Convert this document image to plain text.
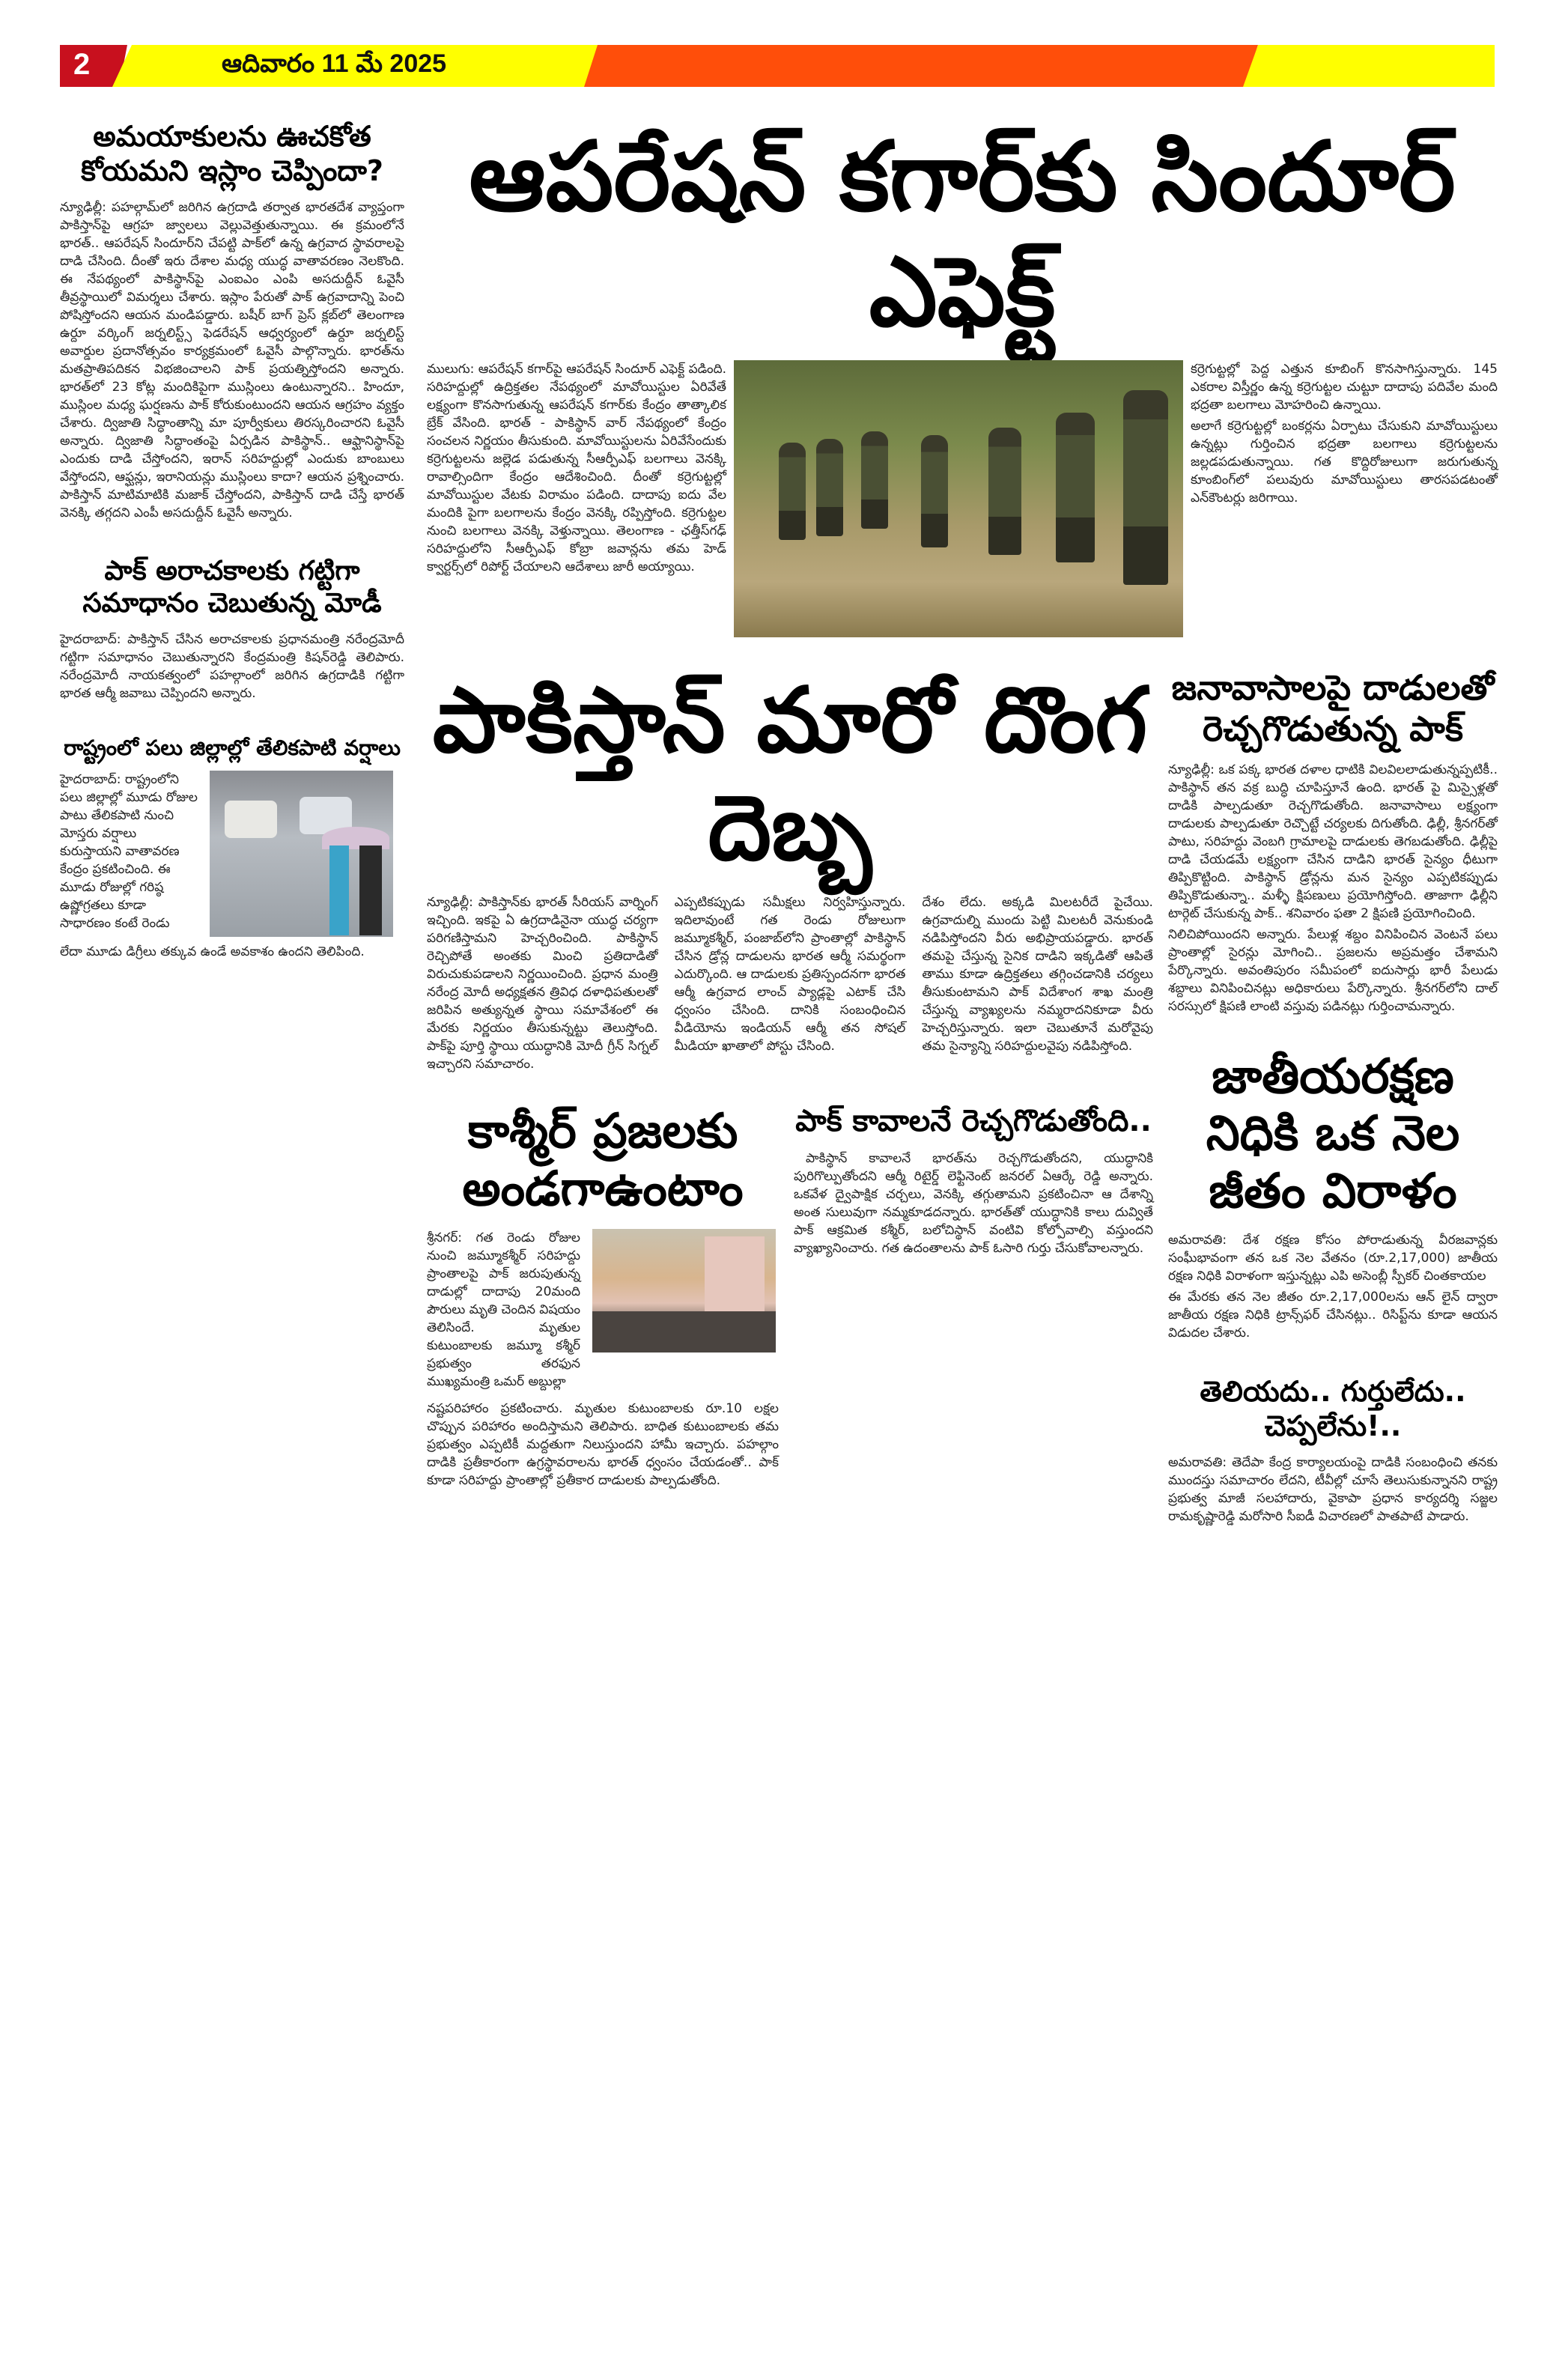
2	ఆదివారం 11 మే 2025
అమయాకులను ఊచకోత కోయమని ఇస్లాం చెప్పిందా?

న్యూఢిల్లీ: పహల్గామ్‌లో జరిగిన ఉగ్రదాడి తర్వాత భారతదేశ వ్యాప్తంగా పాకిస్తాన్‌పై ఆగ్రహ జ్వాలలు వెల్లువెత్తుతున్నాయి. ఈ క్రమంలోనే భారత్.. ఆపరేషన్ సిందూర్‌ని చేపట్టి పాక్‌లో ఉన్న ఉగ్రవాద స్థావరాలపై దాడి చేసింది. దీంతో ఇరు దేశాల మధ్య యుద్ధ వాతావరణం నెలకొంది. ఈ నేపథ్యంలో పాకిస్థాన్‌పై ఎంఐఎం ఎంపి అసదుద్దీన్ ఓవైసీ తీవ్రస్థాయిలో విమర్శలు చేశారు. ఇస్లాం పేరుతో పాక్ ఉగ్రవాదాన్ని పెంచి పోషిస్తోందని ఆయన మండిపడ్డారు. బషీర్ బాగ్ ప్రెస్ క్లబ్‌లో తెలంగాణ ఉర్దూ వర్కింగ్ జర్నలిస్ట్స్ ఫెడరేషన్ ఆధ్వర్యంలో ఉర్దూ జర్నలిస్ట్ అవార్డుల ప్రదానోత్సవం కార్యక్రమంలో ఓవైసీ పాల్గొన్నారు. భారత్‌ను మతప్రాతిపదికన విభజించాలని పాక్ ప్రయత్నిస్తోందని అన్నారు. భారత్‌లో 23 కోట్ల మందికిపైగా ముస్లింలు ఉంటున్నారని.. హిందూ, ముస్లింల మధ్య ఘర్షణను పాక్ కోరుకుంటుందని ఆయన ఆగ్రహం వ్యక్తం చేశారు. ద్విజాతి సిద్ధాంతాన్ని మా పూర్వీకులు తిరస్కరించారని ఓవైసీ అన్నారు. ద్విజాతి సిద్ధాంతంపై ఏర్పడిన పాకిస్థాన్.. ఆఫ్ఘానిస్థాన్‌పై ఎందుకు దాడి చేస్తోందని, ఇరాన్ సరిహద్దుల్లో ఎందుకు బాంబులు వేస్తోందని, ఆఫ్ఘన్లు, ఇరానియన్లు ముస్లింలు కాదా? ఆయన ప్రశ్నించారు. పాకిస్తాన్ మాటిమాటికి మజాక్ చేస్తోందని, పాకిస్తాన్ దాడి చేస్తే భారత్ వెనక్కి తగ్గదని ఎంపీ అసదుద్దీన్ ఓవైసీ అన్నారు.

పాక్ అరాచకాలకు గట్టిగా సమాధానం చెబుతున్న మోడీ

హైదరాబాద్: పాకిస్తాన్ చేసిన అరాచకాలకు ప్రధానమంత్రి నరేంద్రమోదీ గట్టిగా సమాధానం చెబుతున్నారని కేంద్రమంత్రి కిషన్‌రెడ్డి తెలిపారు. నరేంద్రమోదీ నాయకత్వంలో పహల్గాంలో జరిగిన ఉగ్రదాడికి గట్టిగా భారత ఆర్మీ జవాబు చెప్పిందని అన్నారు.

రాష్ట్రంలో పలు జిల్లాల్లో తేలికపాటి వర్షాలు

హైదరాబాద్: రాష్ట్రంలోని పలు జిల్లాల్లో మూడు రోజుల పాటు తేలికపాటి నుంచి మోస్తరు వర్షాలు కురుస్తాయని వాతావరణ కేంద్రం ప్రకటించింది. ఈ మూడు రోజుల్లో గరిష్ఠ ఉష్ణోగ్రతలు కూడా సాధారణం కంటే రెండు

లేదా మూడు డిగ్రీలు తక్కువ ఉండే అవకాశం ఉందని తెలిపింది.

ఆపరేషన్ కగార్‌కు సిందూర్ ఎఫెక్ట్

ములుగు: ఆపరేషన్ కగార్‌పై ఆపరేషన్ సిందూర్ ఎఫెక్ట్ పడింది. సరిహద్దుల్లో ఉద్రిక్తతల నేపథ్యంలో మావోయిస్టుల ఏరివేతే లక్ష్యంగా కొనసాగుతున్న ఆపరేషన్ కగార్‌కు కేంద్రం తాత్కాలిక బ్రేక్ వేసింది. భారత్ - పాకిస్థాన్ వార్ నేపథ్యంలో కేంద్రం సంచలన నిర్ణయం తీసుకుంది. మావోయిస్టులను ఏరివేసేందుకు కర్రెగుట్టలను జల్లెడ పడుతున్న సీఆర్పీఎఫ్ బలగాలు వెనక్కి రావాల్సిందిగా కేంద్రం ఆదేశించింది. దీంతో కర్రెగుట్టల్లో మావోయిస్టుల వేటకు విరామం పడింది. దాదాపు ఐదు వేల మందికి పైగా బలగాలను కేంద్రం వెనక్కి రప్పిస్తోంది. కర్రెగుట్టల నుంచి బలగాలు వెనక్కి వెళ్తున్నాయి. తెలంగాణ - ఛత్తీస్‌గఢ్ సరిహద్దులోని సీఆర్పీఎఫ్ కోబ్రా జవాన్లను తమ హెడ్ క్వార్టర్స్‌లో రిపోర్ట్ చేయాలని ఆదేశాలు జారీ అయ్యాయి.

కర్రెగుట్టల్లో పెద్ద ఎత్తున కూబింగ్ కొనసాగిస్తున్నారు. 145 ఎకరాల విస్తీర్ణం ఉన్న కర్రెగుట్టల చుట్టూ దాదాపు పదివేల మంది భద్రతా బలగాలు మోహరించి ఉన్నాయి.

అలాగే కర్రెగుట్టల్లో బంకర్లను ఏర్పాటు చేసుకుని మావోయిస్టులు ఉన్నట్లు గుర్తించిన భద్రతా బలగాలు కర్రెగుట్టలను జల్లడపడుతున్నాయి. గత కొద్దిరోజులుగా జరుగుతున్న కూంబింగ్‌లో పలువురు మావోయిస్టులు తారసపడటంతో ఎన్‌కౌంటర్లు జరిగాయి.

పాకిస్తాన్ మారో దొంగ దెబ్బ

న్యూఢిల్లీ: పాకిస్తాన్‌కు భారత్ సీరియస్ వార్నింగ్ ఇచ్చింది. ఇకపై ఏ ఉగ్రదాడినైనా యుద్ధ చర్యగా పరిగణిస్తామని హెచ్చరించింది. పాకిస్థాన్ రెచ్చిపోతే అంతకు మించి ప్రతిదాడితో విరుచుకుపడాలని నిర్ణయించింది. ప్రధాన మంత్రి నరేంద్ర మోదీ అధ్యక్షతన త్రివిధ దళాధిపతులతో జరిపిన అత్యున్నత స్థాయి సమావేశంలో ఈ మేరకు నిర్ణయం తీసుకున్నట్టు తెలుస్తోంది. పాక్‌పై పూర్తి స్థాయి యుద్ధానికి మోదీ గ్రీన్ సిగ్నల్ ఇచ్చారని సమాచారం.

ఎప్పటికప్పుడు సమీక్షలు నిర్వహిస్తున్నారు. ఇదిలావుంటే గత రెండు రోజులుగా జమ్మూకశ్మీర్, పంజాబ్‌లోని ప్రాంతాల్లో పాకిస్థాన్ చేసిన డ్రోన్ల దాడులను భారత ఆర్మీ సమర్థంగా ఎదుర్కొంది. ఆ దాడులకు ప్రతిస్పందనగా భారత ఆర్మీ ఉగ్రవాద లాంచ్ ప్యాడ్లపై ఎటాక్ చేసి ధ్వంసం చేసింది. దానికి సంబంధించిన వీడియోను ఇండియన్ ఆర్మీ తన సోషల్ మీడియా ఖాతాలో పోస్టు చేసింది.

దేశం లేదు. అక్కడి మిలటరీదే పైచేయి. ఉగ్రవాదుల్ని ముందు పెట్టి మిలటరీ వెనుకుండి నడిపిస్తోందని వీరు అభిప్రాయపడ్డారు. భారత్ తమపై చేస్తున్న సైనిక దాడిని ఇక్కడితో ఆపితే తాము కూడా ఉద్రిక్తతలు తగ్గించడానికి చర్యలు తీసుకుంటామని పాక్ విదేశాంగ శాఖ మంత్రి చేస్తున్న వ్యాఖ్యలను నమ్మరాదనికూడా వీరు హెచ్చరిస్తున్నారు. ఇలా చెబుతూనే మరోవైపు తమ సైన్యాన్ని సరిహద్దులవైపు నడిపిస్తోంది.

కాశ్మీర్ ప్రజలకు అండగాఉంటాం

శ్రీనగర్: గత రెండు రోజుల నుంచి జమ్మూకశ్మీర్ సరిహద్దు ప్రాంతాలపై పాక్ జరుపుతున్న దాడుల్లో దాదాపు 20మంది పౌరులు మృతి చెందిన విషయం తెలిసిందే. మృతుల కుటుంబాలకు జమ్మూ కశ్మీర్ ప్రభుత్వం తరఫున ముఖ్యమంత్రి ఒమర్ అబ్దుల్లా

నష్టపరిహారం ప్రకటించారు. మృతుల కుటుంబాలకు రూ.10 లక్షల చొప్పున పరిహారం అందిస్తామని తెలిపారు. బాధిత కుటుంబాలకు తమ ప్రభుత్వం ఎప్పటికీ మద్దతుగా నిలుస్తుందని హామీ ఇచ్చారు. పహల్గాం దాడికి ప్రతీకారంగా ఉగ్రస్థావరాలను భారత్ ధ్వంసం చేయడంతో.. పాక్ కూడా సరిహద్దు ప్రాంతాల్లో ప్రతీకార దాడులకు పాల్పడుతోంది.

పాక్ కావాలనే రెచ్చగొడుతోంది..

పాకిస్థాన్ కావాలనే భారత్‌ను రెచ్చగొడుతోందని, యుద్ధానికి పురిగొల్పుతోందని ఆర్మీ రిటైర్డ్ లెఫ్టినెంట్ జనరల్ ఏఆర్కే రెడ్డి అన్నారు. ఒకవేళ ద్వైపాక్షిక చర్చలు, వెనక్కి తగ్గుతామని ప్రకటించినా ఆ దేశాన్ని అంత సులువుగా నమ్మకూడదన్నారు. భారత్‌తో యుద్ధానికి కాలు దువ్వితే పాక్ ఆక్రమిత కశ్మీర్, బలోచిస్థాన్ వంటివి కోల్పోవాల్సి వస్తుందని వ్యాఖ్యానించారు. గత ఉదంతాలను పాక్ ఓసారి గుర్తు చేసుకోవాలన్నారు.

జనావాసాలపై దాడులతో రెచ్చగొడుతున్న పాక్

న్యూఢిల్లీ: ఒక పక్క భారత దళాల ధాటికి విలవిలలాడుతున్నప్పటికీ.. పాకిస్థాన్ తన వక్ర బుద్ధి చూపిస్తూనే ఉంది. భారత్ పై మిస్సైళ్లతో దాడికి పాల్పడుతూ రెచ్చగొడుతోంది. జనావాసాలు లక్ష్యంగా దాడులకు పాల్పడుతూ రెచ్చొట్టే చర్యలకు దిగుతోంది. ఢిల్లీ, శ్రీనగర్‌తో పాటు, సరిహద్దు వెంబగి గ్రామాలపై దాడులకు తెగబడుతోంది. ఢిల్లీపై దాడి చేయడమే లక్ష్యంగా చేసిన దాడిని భారత్ సైన్యం ధీటుగా తిప్పికొట్టింది. పాకిస్థాన్ డ్రోన్లను మన సైన్యం ఎప్పటికప్పుడు తిప్పికొడుతున్నా.. మళ్ళీ క్షిపణులు ప్రయోగిస్తోంది. తాజాగా ఢిల్లీని టార్గెట్ చేసుకున్న పాక్.. శనివారం ఫతా 2 క్షిపణి ప్రయోగించింది.

నిలిచిపోయిందని అన్నారు. పేలుళ్ల శబ్దం వినిపించిన వెంటనే పలు ప్రాంతాల్లో సైరన్లు మోగించి.. ప్రజలను అప్రమత్తం చేశామని పేర్కొన్నారు. అవంతిపురం సమీపంలో ఐదుసార్లు భారీ పేలుడు శబ్దాలు వినిపించినట్లు అధికారులు పేర్కొన్నారు. శ్రీనగర్‌లోని దాల్ సరస్సులో క్షిపణి లాంటి వస్తువు పడినట్లు గుర్తించామన్నారు.

జాతీయరక్షణ నిధికి ఒక నెల జీతం విరాళం

అమరావతి: దేశ రక్షణ కోసం పోరాడుతున్న వీరజవాన్లకు సంఘీభావంగా తన ఒక నెల వేతనం (రూ.2,17,000) జాతీయ రక్షణ నిధికి విరాళంగా ఇస్తున్నట్లు ఎపి అసెంబ్లీ స్పీకర్ చింతకాయల

ఈ మేరకు తన నెల జీతం రూ.2,17,000లను ఆన్ లైన్ ద్వారా జాతీయ రక్షణ నిధికి ట్రాన్స్‌ఫర్ చేసినట్లు.. రిసిప్ట్‌ను కూడా ఆయన విడుదల చేశారు.

తెలియదు.. గుర్తులేదు.. చెప్పలేను!..

అమరావతి: తెదేపా కేంద్ర కార్యాలయంపై దాడికి సంబంధించి తనకు ముందస్తు సమాచారం లేదని, టీవీల్లో చూసే తెలుసుకున్నానని రాష్ట్ర ప్రభుత్వ మాజీ సలహాదారు, వైకాపా ప్రధాన కార్యదర్శి సజ్జల రామకృష్ణారెడ్డి మరోసారి సీఐడీ విచారణలో పాతపాటే పాడారు.
